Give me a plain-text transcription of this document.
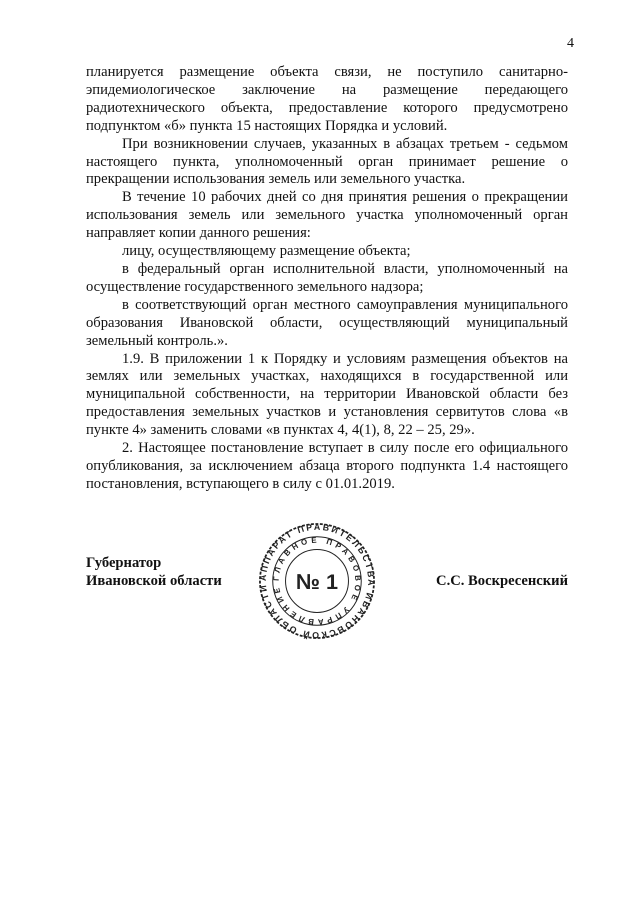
4

планируется размещение объекта связи, не поступило санитарно-эпидемиологическое заключение на размещение передающего радиотехнического объекта, предоставление которого предусмотрено подпунктом «б» пункта 15 настоящих Порядка и условий.

При возникновении случаев, указанных в абзацах третьем - седьмом настоящего пункта, уполномоченный орган принимает решение о прекращении использования земель или земельного участка.

В течение 10 рабочих дней со дня принятия решения о прекращении использования земель или земельного участка уполномоченный орган направляет копии данного решения:

лицу, осуществляющему размещение объекта;

в федеральный орган исполнительной власти, уполномоченный на осуществление государственного земельного надзора;

в соответствующий орган местного самоуправления муниципального образования Ивановской области, осуществляющий муниципальный земельный контроль.».

1.9. В приложении 1 к Порядку и условиям размещения объектов на землях или земельных участках, находящихся в государственной или муниципальной собственности, на территории Ивановской области без предоставления земельных участков и установления сервитутов слова «в пункте 4» заменить словами «в пунктах 4, 4(1), 8, 22 – 25, 29».

2. Настоящее постановление вступает в силу после его официального опубликования, за исключением абзаца второго подпункта 1.4 настоящего постановления, вступающего в силу с 01.01.2019.

Губернатор
Ивановской области	АППАРАТ ПРАВИТЕЛЬСТВА ИВАНОВСКОЙ ОБЛАСТИ
ГЛАВНОЕ ПРАВОВОЕ УПРАВЛЕНИЕ № 1	С.С. Воскресенский
